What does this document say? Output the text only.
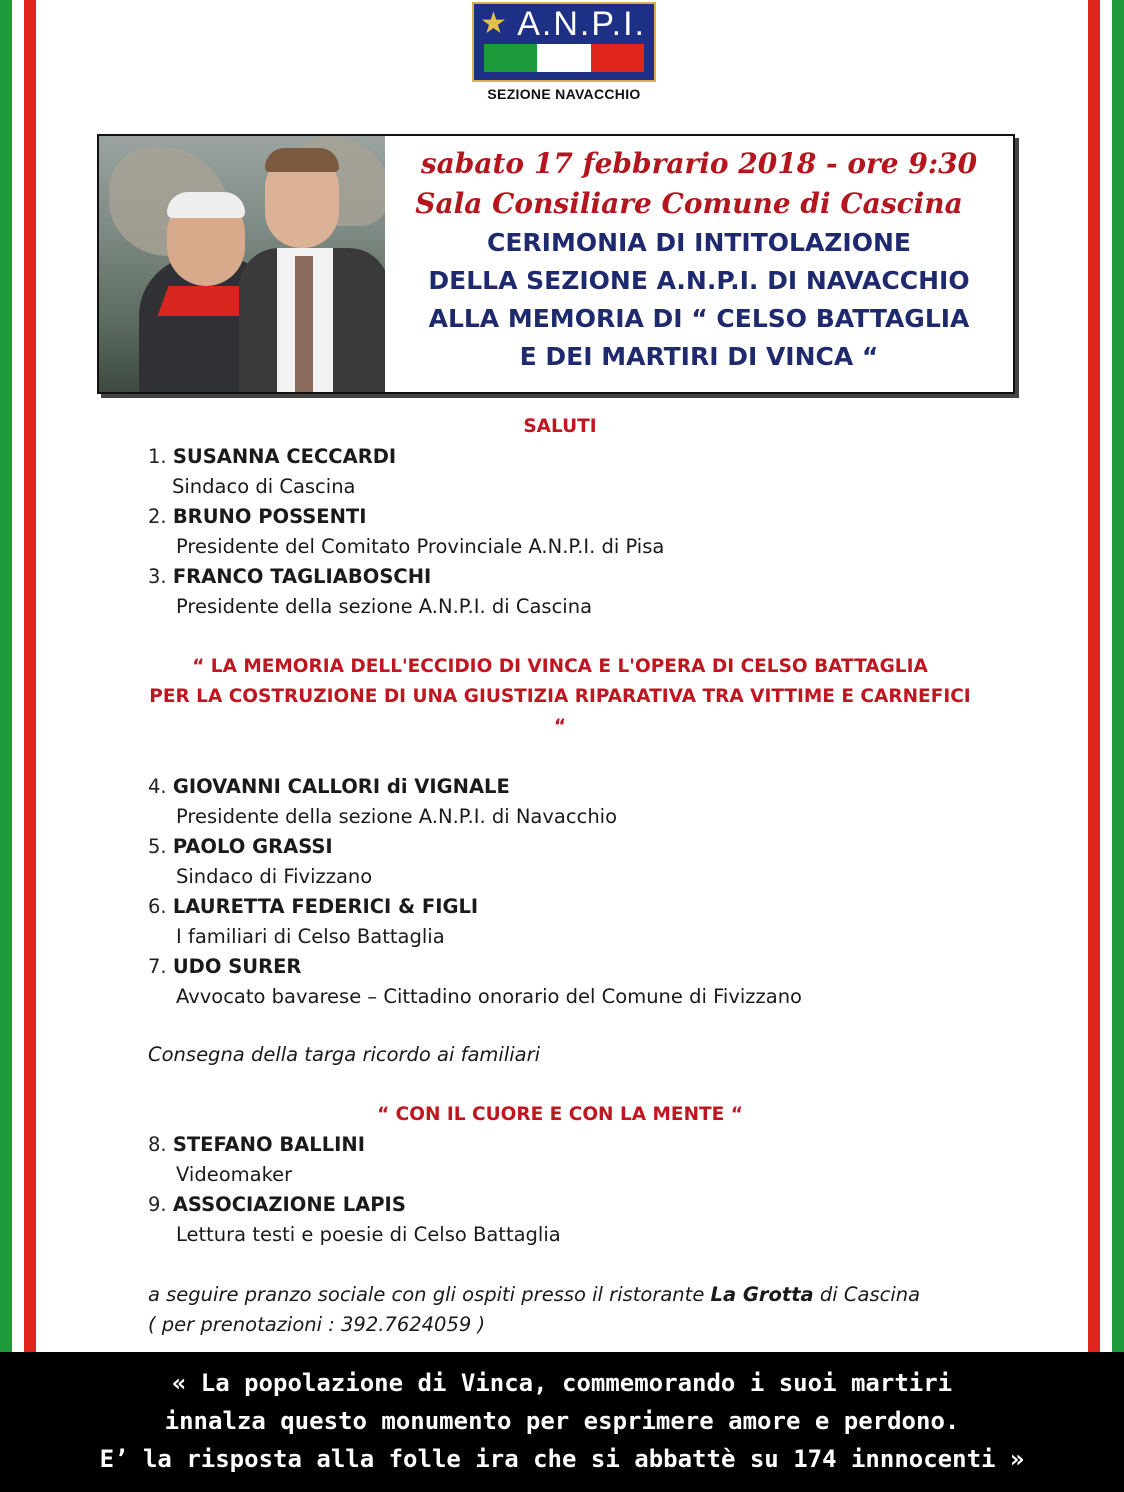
★ A.N.P.I.
SEZIONE NAVACCHIO

sabato 17 febbrario 2018 - ore 9:30

Sala Consiliare Comune di Cascina

CERIMONIA DI INTITOLAZIONE

DELLA SEZIONE A.N.P.I. DI NAVACCHIO

ALLA MEMORIA DI “ CELSO BATTAGLIA

E DEI MARTIRI DI VINCA “

SALUTI

1. SUSANNA CECCARDI
Sindaco di Cascina
2. BRUNO POSSENTI
Presidente del Comitato Provinciale A.N.P.I. di Pisa
3. FRANCO TAGLIABOSCHI
Presidente della sezione A.N.P.I. di Cascina

“ LA MEMORIA DELL'ECCIDIO DI VINCA E L'OPERA DI CELSO BATTAGLIA

PER LA COSTRUZIONE DI UNA GIUSTIZIA RIPARATIVA TRA VITTIME E CARNEFICI “

4. GIOVANNI CALLORI di VIGNALE
Presidente della sezione A.N.P.I. di Navacchio
5. PAOLO GRASSI
Sindaco di Fivizzano
6. LAURETTA FEDERICI & FIGLI
I familiari di Celso Battaglia
7. UDO SURER
Avvocato bavarese – Cittadino onorario del Comune di Fivizzano
Consegna della targa ricordo ai familiari

“ CON IL CUORE E CON LA MENTE “

8. STEFANO BALLINI
Videomaker
9. ASSOCIAZIONE LAPIS
Lettura testi e poesie di Celso Battaglia
a seguire pranzo sociale con gli ospiti presso il ristorante La Grotta di Cascina
( per prenotazioni : 392.7624059 )
« La popolazione di Vinca, commemorando i suoi martiri
innalza questo monumento per esprimere amore e perdono.
E’ la risposta alla folle ira che si abbattè su 174 innnocenti »
